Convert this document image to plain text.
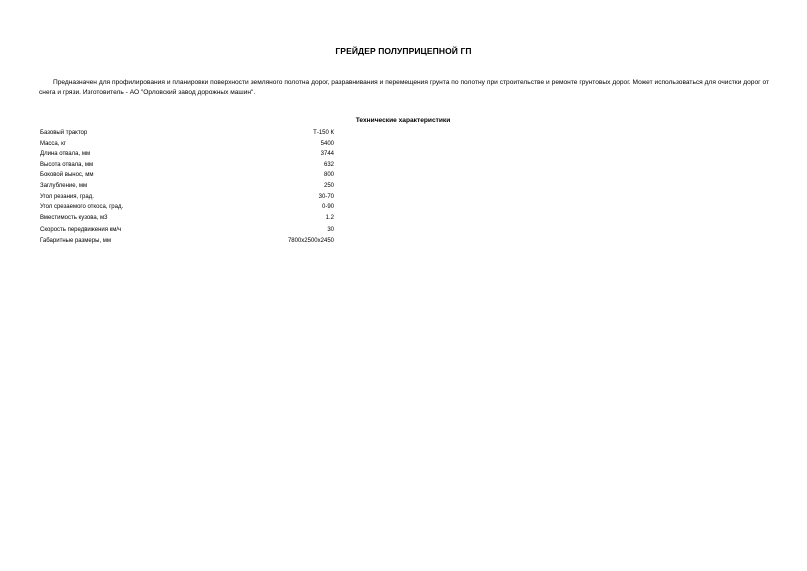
ГРЕЙДЕР ПОЛУПРИЦЕПНОЙ ГП
Предназначен для профилирования и планировки поверхности земляного полотна дорог, разравнивания и перемещения грунта по полотну при строительстве и ремонте грунтовых дорог. Может использоваться для очистки дорог от снега и грязи. Изготовитель - АО "Орловский завод дорожных машин".
Технические характеристики
Базовый трактор	Т-150 К
Масса, кг	5400
Длина отвала, мм	3744
Высота отвала, мм	632
Боковой вынос, мм	800
Заглубление, мм	250
Угол резания, град.	30-70
Угол срезаемого откоса, град.	0-90
Вместимость кузова, м3	1.2
Скорость передвижения км/ч	30
Габаритные размеры, мм	7800х2500х2450
